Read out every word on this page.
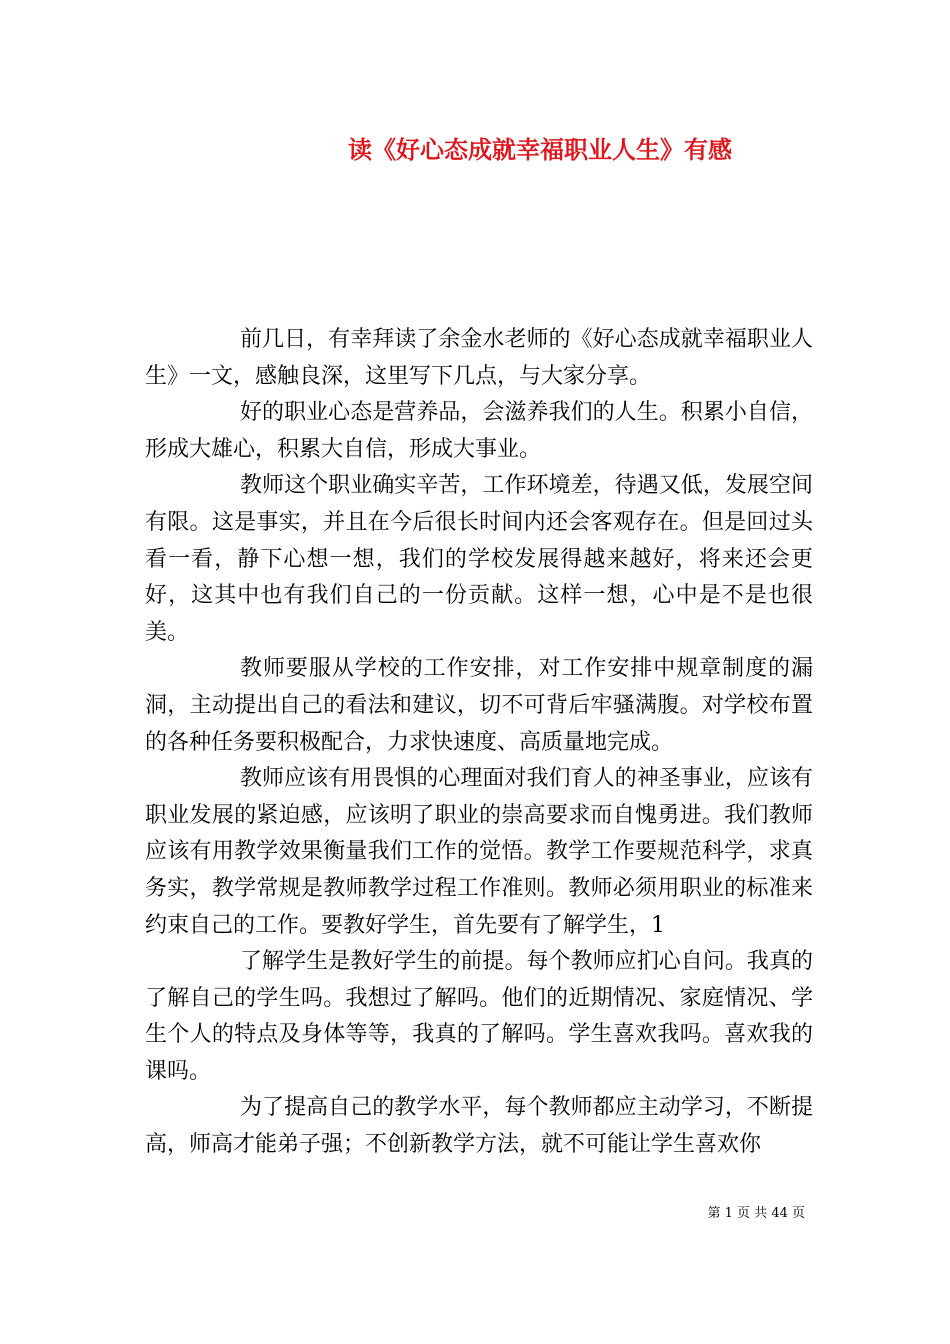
读《好心态成就幸福职业人生》有感

前几日，有幸拜读了余金水老师的《好心态成就幸福职业人生》一文，感触良深，这里写下几点，与大家分享。

好的职业心态是营养品，会滋养我们的人生。积累小自信，形成大雄心，积累大自信，形成大事业。

教师这个职业确实辛苦，工作环境差，待遇又低，发展空间有限。这是事实，并且在今后很长时间内还会客观存在。但是回过头看一看，静下心想一想，我们的学校发展得越来越好，将来还会更好，这其中也有我们自己的一份贡献。这样一想，心中是不是也很美。

教师要服从学校的工作安排，对工作安排中规章制度的漏洞，主动提出自己的看法和建议，切不可背后牢骚满腹。对学校布置的各种任务要积极配合，力求快速度、高质量地完成。

教师应该有用畏惧的心理面对我们育人的神圣事业，应该有职业发展的紧迫感，应该明了职业的崇高要求而自愧勇进。我们教师应该有用教学效果衡量我们工作的觉悟。教学工作要规范科学，求真务实，教学常规是教师教学过程工作准则。教师必须用职业的标准来约束自己的工作。要教好学生，首先要有了解学生，1

了解学生是教好学生的前提。每个教师应扪心自问。我真的了解自己的学生吗。我想过了解吗。他们的近期情况、家庭情况、学生个人的特点及身体等等，我真的了解吗。学生喜欢我吗。喜欢我的课吗。

为了提高自己的教学水平，每个教师都应主动学习，不断提高，师高才能弟子强；不创新教学方法，就不可能让学生喜欢你

第 1 页 共 44 页
